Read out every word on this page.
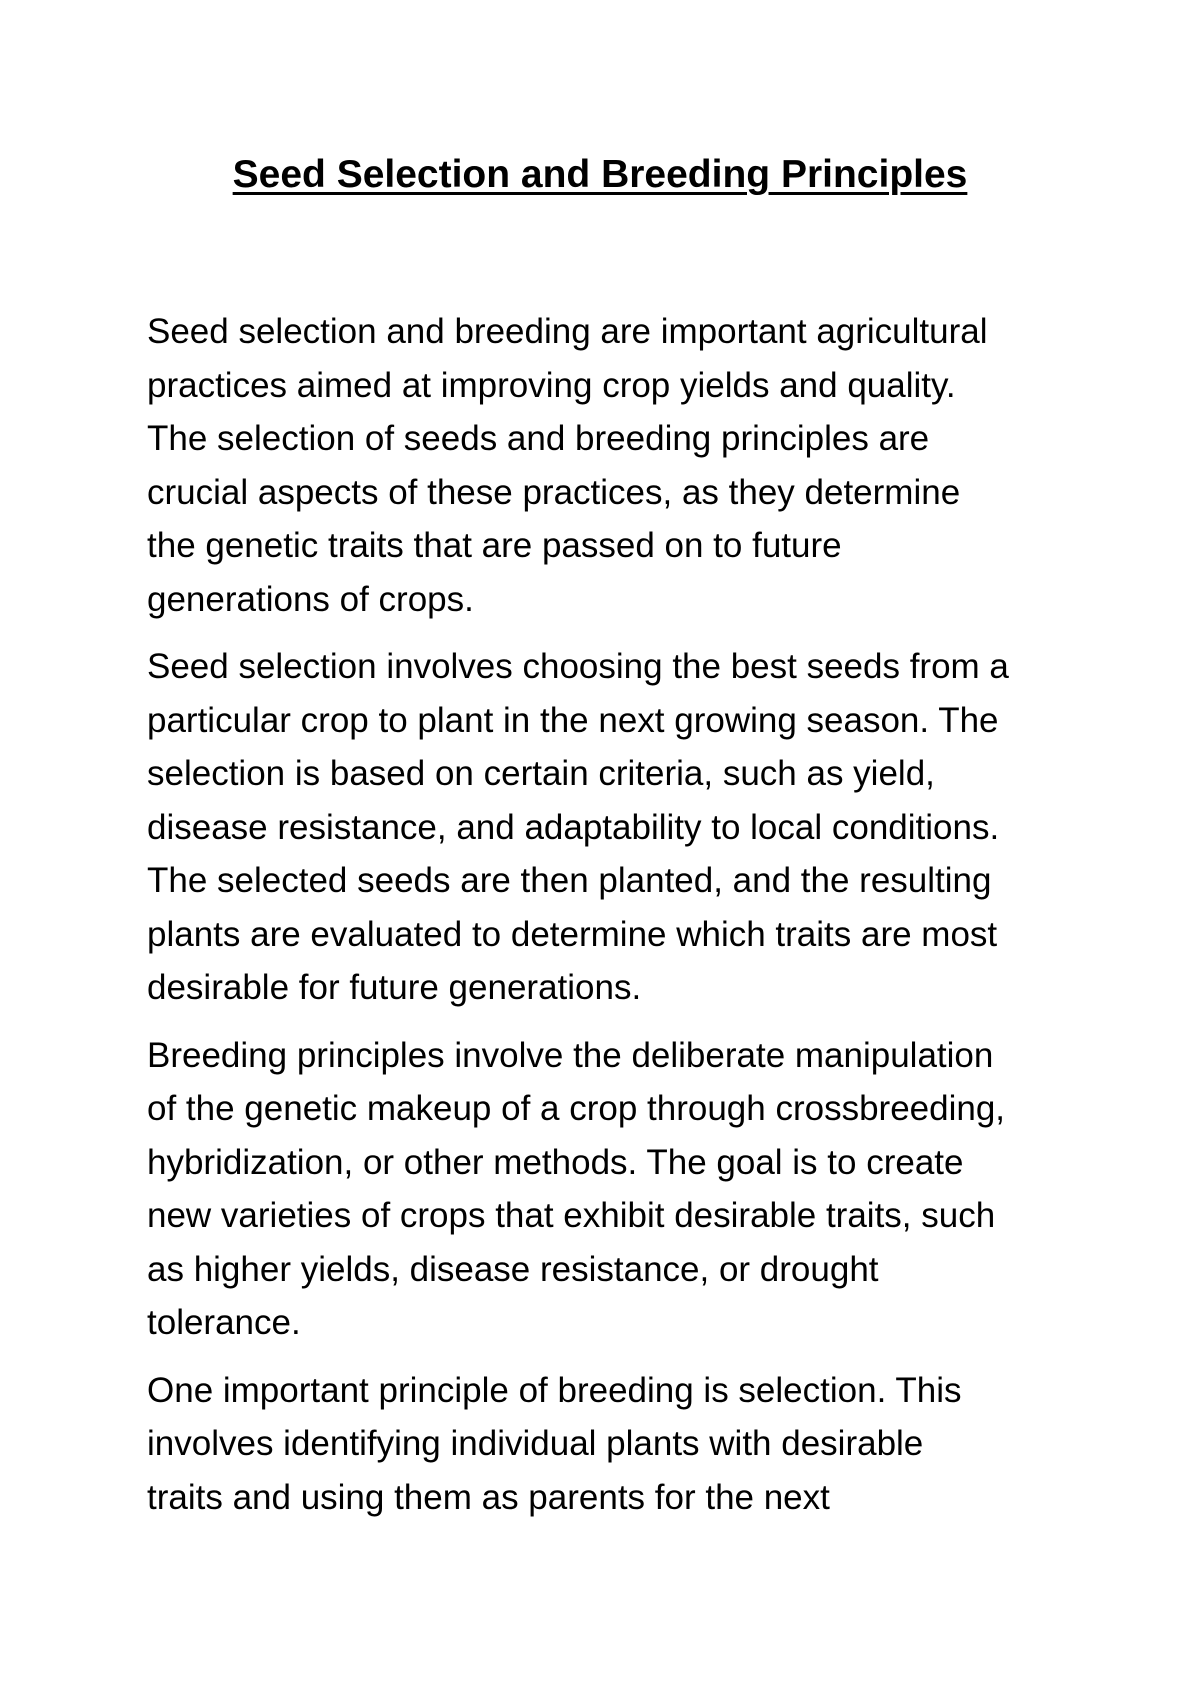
Seed Selection and Breeding Principles

Seed selection and breeding are important agricultural
practices aimed at improving crop yields and quality.
The selection of seeds and breeding principles are
crucial aspects of these practices, as they determine
the genetic traits that are passed on to future
generations of crops.

Seed selection involves choosing the best seeds from a
particular crop to plant in the next growing season. The
selection is based on certain criteria, such as yield,
disease resistance, and adaptability to local conditions.
The selected seeds are then planted, and the resulting
plants are evaluated to determine which traits are most
desirable for future generations.

Breeding principles involve the deliberate manipulation
of the genetic makeup of a crop through crossbreeding,
hybridization, or other methods. The goal is to create
new varieties of crops that exhibit desirable traits, such
as higher yields, disease resistance, or drought
tolerance.

One important principle of breeding is selection. This
involves identifying individual plants with desirable
traits and using them as parents for the next
